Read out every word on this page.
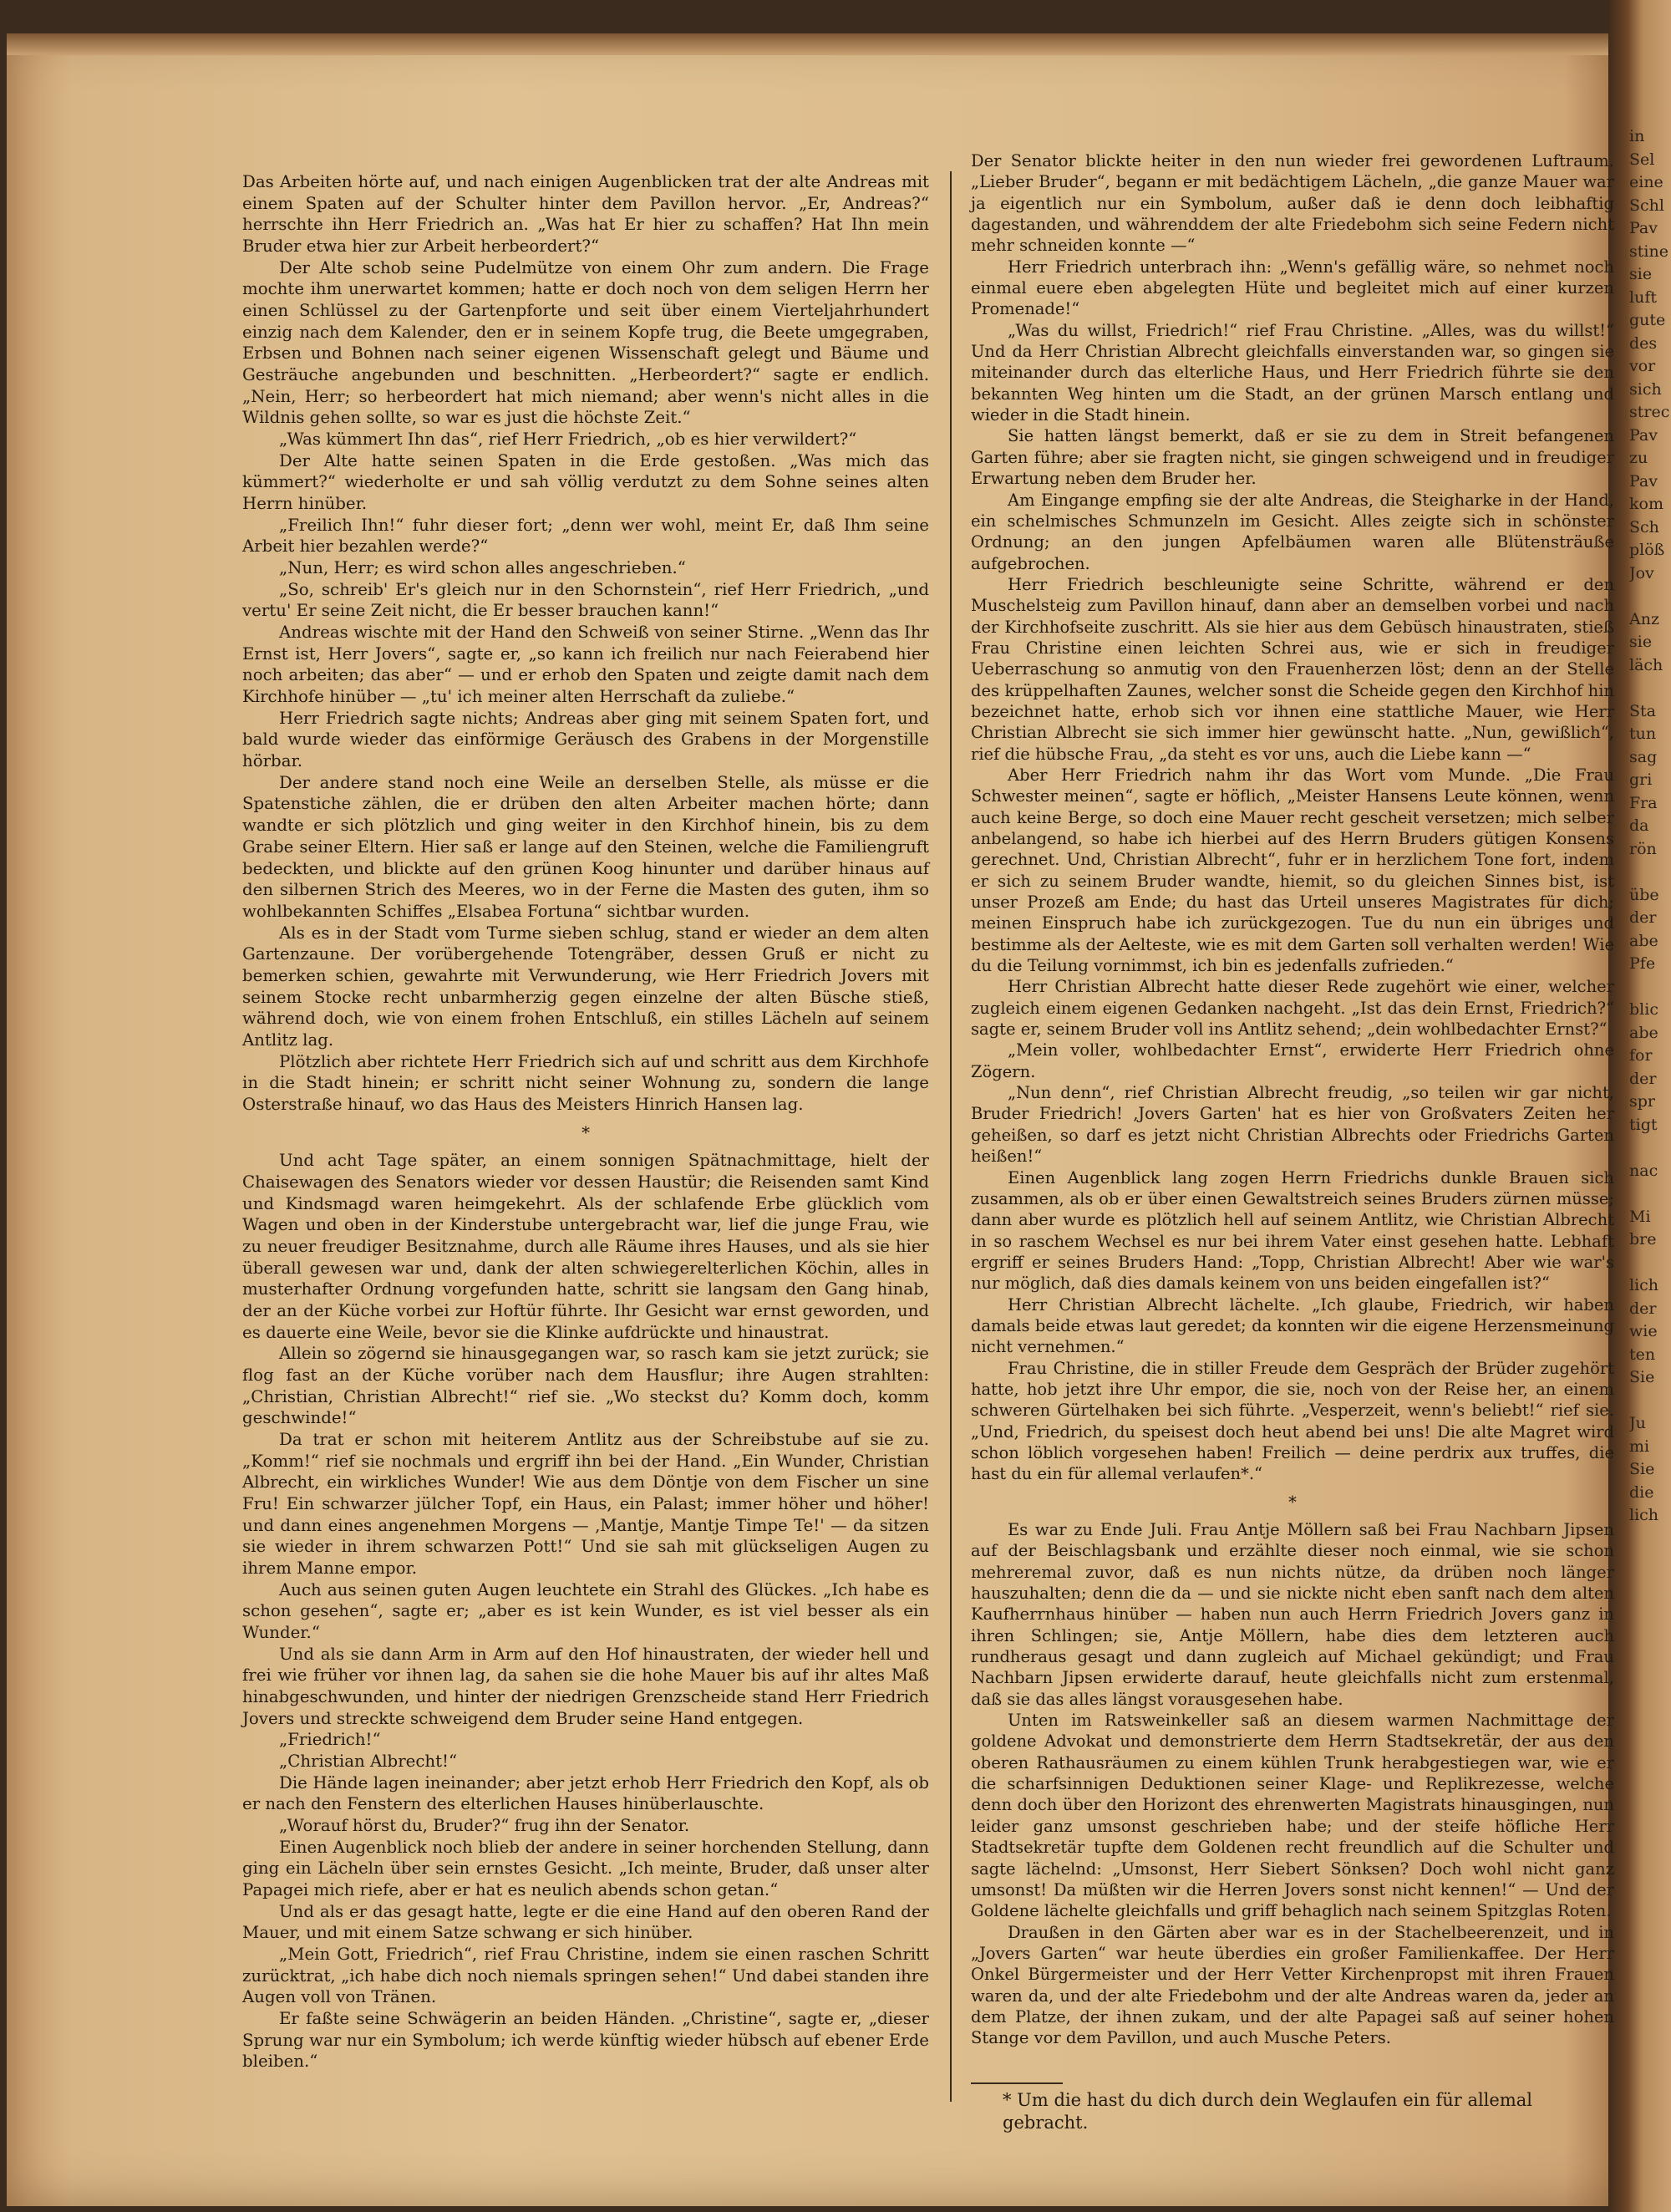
in
Sel
eine
Schl
Pav
stine
sie
luft
gute
des
vor
sich
strec
Pav
zu
Pav
kom
Sch
plöß
Jov

Anz
sie
läch

Sta
tun
sag
gri
Fra
da
rön

übe
der
abe
Pfe

blic
abe
for
der
spr
tigt

nac

Mi
bre

lich
der
wie
ten
Sie

Ju
mi
Sie
die
lich

Das Arbeiten hörte auf, und nach einigen Augenblicken trat der alte Andreas mit einem Spaten auf der Schulter hinter dem Pavillon hervor. „Er, Andreas?“ herrschte ihn Herr Friedrich an. „Was hat Er hier zu schaffen? Hat Ihn mein Bruder etwa hier zur Arbeit herbeordert?“

Der Alte schob seine Pudelmütze von einem Ohr zum andern. Die Frage mochte ihm unerwartet kommen; hatte er doch noch von dem seligen Herrn her einen Schlüssel zu der Gartenpforte und seit über einem Vierteljahrhundert einzig nach dem Kalender, den er in seinem Kopfe trug, die Beete umgegraben, Erbsen und Bohnen nach seiner eigenen Wissenschaft gelegt und Bäume und Gesträuche angebunden und beschnitten. „Herbeordert?“ sagte er endlich. „Nein, Herr; so herbeordert hat mich niemand; aber wenn's nicht alles in die Wildnis gehen sollte, so war es just die höchste Zeit.“

„Was kümmert Ihn das“, rief Herr Friedrich, „ob es hier verwildert?“

Der Alte hatte seinen Spaten in die Erde gestoßen. „Was mich das kümmert?“ wiederholte er und sah völlig verdutzt zu dem Sohne seines alten Herrn hinüber.

„Freilich Ihn!“ fuhr dieser fort; „denn wer wohl, meint Er, daß Ihm seine Arbeit hier bezahlen werde?“

„Nun, Herr; es wird schon alles angeschrieben.“

„So, schreib' Er's gleich nur in den Schornstein“, rief Herr Friedrich, „und vertu' Er seine Zeit nicht, die Er besser brauchen kann!“

Andreas wischte mit der Hand den Schweiß von seiner Stirne. „Wenn das Ihr Ernst ist, Herr Jovers“, sagte er, „so kann ich freilich nur nach Feierabend hier noch arbeiten; das aber“ — und er erhob den Spaten und zeigte damit nach dem Kirchhofe hinüber — „tu' ich meiner alten Herrschaft da zuliebe.“

Herr Friedrich sagte nichts; Andreas aber ging mit seinem Spaten fort, und bald wurde wieder das einförmige Geräusch des Grabens in der Morgenstille hörbar.

Der andere stand noch eine Weile an derselben Stelle, als müsse er die Spatenstiche zählen, die er drüben den alten Arbeiter machen hörte; dann wandte er sich plötzlich und ging weiter in den Kirchhof hinein, bis zu dem Grabe seiner Eltern. Hier saß er lange auf den Steinen, welche die Familiengruft bedeckten, und blickte auf den grünen Koog hinunter und darüber hinaus auf den silbernen Strich des Meeres, wo in der Ferne die Masten des guten, ihm so wohlbekannten Schiffes „Elsabea Fortuna“ sichtbar wurden.

Als es in der Stadt vom Turme sieben schlug, stand er wieder an dem alten Gartenzaune. Der vorübergehende Totengräber, dessen Gruß er nicht zu bemerken schien, gewahrte mit Verwunderung, wie Herr Friedrich Jovers mit seinem Stocke recht unbarmherzig gegen einzelne der alten Büsche stieß, während doch, wie von einem frohen Entschluß, ein stilles Lächeln auf seinem Antlitz lag.

Plötzlich aber richtete Herr Friedrich sich auf und schritt aus dem Kirchhofe in die Stadt hinein; er schritt nicht seiner Wohnung zu, sondern die lange Osterstraße hinauf, wo das Haus des Meisters Hinrich Hansen lag.

*

Und acht Tage später, an einem sonnigen Spätnachmittage, hielt der Chaisewagen des Senators wieder vor dessen Haustür; die Reisenden samt Kind und Kindsmagd waren heimgekehrt. Als der schlafende Erbe glücklich vom Wagen und oben in der Kinderstube untergebracht war, lief die junge Frau, wie zu neuer freudiger Besitznahme, durch alle Räume ihres Hauses, und als sie hier überall gewesen war und, dank der alten schwiegerelterlichen Köchin, alles in musterhafter Ordnung vorgefunden hatte, schritt sie langsam den Gang hinab, der an der Küche vorbei zur Hoftür führte. Ihr Gesicht war ernst geworden, und es dauerte eine Weile, bevor sie die Klinke aufdrückte und hinaustrat.

Allein so zögernd sie hinausgegangen war, so rasch kam sie jetzt zurück; sie flog fast an der Küche vorüber nach dem Hausflur; ihre Augen strahlten: „Christian, Christian Albrecht!“ rief sie. „Wo steckst du? Komm doch, komm geschwinde!“

Da trat er schon mit heiterem Antlitz aus der Schreibstube auf sie zu. „Komm!“ rief sie nochmals und ergriff ihn bei der Hand. „Ein Wunder, Christian Albrecht, ein wirkliches Wunder! Wie aus dem Döntje von dem Fischer un sine Fru! Ein schwarzer jülcher Topf, ein Haus, ein Palast; immer höher und höher! und dann eines angenehmen Morgens — ‚Mantje, Mantje Timpe Te!' — da sitzen sie wieder in ihrem schwarzen Pott!“ Und sie sah mit glückseligen Augen zu ihrem Manne empor.

Auch aus seinen guten Augen leuchtete ein Strahl des Glückes. „Ich habe es schon gesehen“, sagte er; „aber es ist kein Wunder, es ist viel besser als ein Wunder.“

Und als sie dann Arm in Arm auf den Hof hinaustraten, der wieder hell und frei wie früher vor ihnen lag, da sahen sie die hohe Mauer bis auf ihr altes Maß hinabgeschwunden, und hinter der niedrigen Grenzscheide stand Herr Friedrich Jovers und streckte schweigend dem Bruder seine Hand entgegen.

„Friedrich!“

„Christian Albrecht!“

Die Hände lagen ineinander; aber jetzt erhob Herr Friedrich den Kopf, als ob er nach den Fenstern des elterlichen Hauses hinüberlauschte.

„Worauf hörst du, Bruder?“ frug ihn der Senator.

Einen Augenblick noch blieb der andere in seiner horchenden Stellung, dann ging ein Lächeln über sein ernstes Gesicht. „Ich meinte, Bruder, daß unser alter Papagei mich riefe, aber er hat es neulich abends schon getan.“

Und als er das gesagt hatte, legte er die eine Hand auf den oberen Rand der Mauer, und mit einem Satze schwang er sich hinüber.

„Mein Gott, Friedrich“, rief Frau Christine, indem sie einen raschen Schritt zurücktrat, „ich habe dich noch niemals springen sehen!“ Und dabei standen ihre Augen voll von Tränen.

Er faßte seine Schwägerin an beiden Händen. „Christine“, sagte er, „dieser Sprung war nur ein Symbolum; ich werde künftig wieder hübsch auf ebener Erde bleiben.“

Der Senator blickte heiter in den nun wieder frei gewordenen Luftraum. „Lieber Bruder“, begann er mit bedächtigem Lächeln, „die ganze Mauer war ja eigentlich nur ein Symbolum, außer daß ie denn doch leibhaftig dagestanden, und währenddem der alte Friedebohm sich seine Federn nicht mehr schneiden konnte —“

Herr Friedrich unterbrach ihn: „Wenn's gefällig wäre, so nehmet noch einmal euere eben abgelegten Hüte und begleitet mich auf einer kurzen Promenade!“

„Was du willst, Friedrich!“ rief Frau Christine. „Alles, was du willst!“ Und da Herr Christian Albrecht gleichfalls einverstanden war, so gingen sie miteinander durch das elterliche Haus, und Herr Friedrich führte sie den bekannten Weg hinten um die Stadt, an der grünen Marsch entlang und wieder in die Stadt hinein.

Sie hatten längst bemerkt, daß er sie zu dem in Streit befangenen Garten führe; aber sie fragten nicht, sie gingen schweigend und in freudiger Erwartung neben dem Bruder her.

Am Eingange empfing sie der alte Andreas, die Steigharke in der Hand, ein schelmisches Schmunzeln im Gesicht. Alles zeigte sich in schönster Ordnung; an den jungen Apfelbäumen waren alle Blütensträuße aufgebrochen.

Herr Friedrich beschleunigte seine Schritte, während er den Muschelsteig zum Pavillon hinauf, dann aber an demselben vorbei und nach der Kirchhofseite zuschritt. Als sie hier aus dem Gebüsch hinaustraten, stieß Frau Christine einen leichten Schrei aus, wie er sich in freudiger Ueberraschung so anmutig von den Frauenherzen löst; denn an der Stelle des krüppelhaften Zaunes, welcher sonst die Scheide gegen den Kirchhof hin bezeichnet hatte, erhob sich vor ihnen eine stattliche Mauer, wie Herr Christian Albrecht sie sich immer hier gewünscht hatte. „Nun, gewißlich“, rief die hübsche Frau, „da steht es vor uns, auch die Liebe kann —“

Aber Herr Friedrich nahm ihr das Wort vom Munde. „Die Frau Schwester meinen“, sagte er höflich, „Meister Hansens Leute können, wenn auch keine Berge, so doch eine Mauer recht gescheit versetzen; mich selber anbelangend, so habe ich hierbei auf des Herrn Bruders gütigen Konsens gerechnet. Und, Christian Albrecht“, fuhr er in herzlichem Tone fort, indem er sich zu seinem Bruder wandte, hiemit, so du gleichen Sinnes bist, ist unser Prozeß am Ende; du hast das Urteil unseres Magistrates für dich; meinen Einspruch habe ich zurückgezogen. Tue du nun ein übriges und bestimme als der Aelteste, wie es mit dem Garten soll verhalten werden! Wie du die Teilung vornimmst, ich bin es jedenfalls zufrieden.“

Herr Christian Albrecht hatte dieser Rede zugehört wie einer, welcher zugleich einem eigenen Gedanken nachgeht. „Ist das dein Ernst, Friedrich?“ sagte er, seinem Bruder voll ins Antlitz sehend; „dein wohlbedachter Ernst?“

„Mein voller, wohlbedachter Ernst“, erwiderte Herr Friedrich ohne Zögern.

„Nun denn“, rief Christian Albrecht freudig, „so teilen wir gar nicht, Bruder Friedrich! ‚Jovers Garten' hat es hier von Großvaters Zeiten her geheißen, so darf es jetzt nicht Christian Albrechts oder Friedrichs Garten heißen!“

Einen Augenblick lang zogen Herrn Friedrichs dunkle Brauen sich zusammen, als ob er über einen Gewaltstreich seines Bruders zürnen müsse; dann aber wurde es plötzlich hell auf seinem Antlitz, wie Christian Albrecht in so raschem Wechsel es nur bei ihrem Vater einst gesehen hatte. Lebhaft ergriff er seines Bruders Hand: „Topp, Christian Albrecht! Aber wie war's nur möglich, daß dies damals keinem von uns beiden eingefallen ist?“

Herr Christian Albrecht lächelte. „Ich glaube, Friedrich, wir haben damals beide etwas laut geredet; da konnten wir die eigene Herzensmeinung nicht vernehmen.“

Frau Christine, die in stiller Freude dem Gespräch der Brüder zugehört hatte, hob jetzt ihre Uhr empor, die sie, noch von der Reise her, an einem schweren Gürtelhaken bei sich führte. „Vesperzeit, wenn's beliebt!“ rief sie. „Und, Friedrich, du speisest doch heut abend bei uns! Die alte Magret wird schon löblich vorgesehen haben! Freilich — deine perdrix aux truffes, die hast du ein für allemal verlaufen*.“

*

Es war zu Ende Juli. Frau Antje Möllern saß bei Frau Nachbarn Jipsen auf der Beischlagsbank und erzählte dieser noch einmal, wie sie schon mehreremal zuvor, daß es nun nichts nütze, da drüben noch länger hauszuhalten; denn die da — und sie nickte nicht eben sanft nach dem alten Kaufherrnhaus hinüber — haben nun auch Herrn Friedrich Jovers ganz in ihren Schlingen; sie, Antje Möllern, habe dies dem letzteren auch rundheraus gesagt und dann zugleich auf Michael gekündigt; und Frau Nachbarn Jipsen erwiderte darauf, heute gleichfalls nicht zum erstenmal, daß sie das alles längst vorausgesehen habe.

Unten im Ratsweinkeller saß an diesem warmen Nachmittage der goldene Advokat und demonstrierte dem Herrn Stadtsekretär, der aus den oberen Rathausräumen zu einem kühlen Trunk herabgestiegen war, wie er die scharfsinnigen Deduktionen seiner Klage- und Replikrezesse, welche denn doch über den Horizont des ehrenwerten Magistrats hinausgingen, nun leider ganz umsonst geschrieben habe; und der steife höfliche Herr Stadtsekretär tupfte dem Goldenen recht freundlich auf die Schulter und sagte lächelnd: „Umsonst, Herr Siebert Sönksen? Doch wohl nicht ganz umsonst! Da müßten wir die Herren Jovers sonst nicht kennen!“ — Und der Goldene lächelte gleichfalls und griff behaglich nach seinem Spitzglas Roten.

Draußen in den Gärten aber war es in der Stachelbeerenzeit, und in „Jovers Garten“ war heute überdies ein großer Familienkaffee. Der Herr Onkel Bürgermeister und der Herr Vetter Kirchenpropst mit ihren Frauen waren da, und der alte Friedebohm und der alte Andreas waren da, jeder an dem Platze, der ihnen zukam, und der alte Papagei saß auf seiner hohen Stange vor dem Pavillon, und auch Musche Peters.

* Um die hast du dich durch dein Weglaufen ein für allemal gebracht.
